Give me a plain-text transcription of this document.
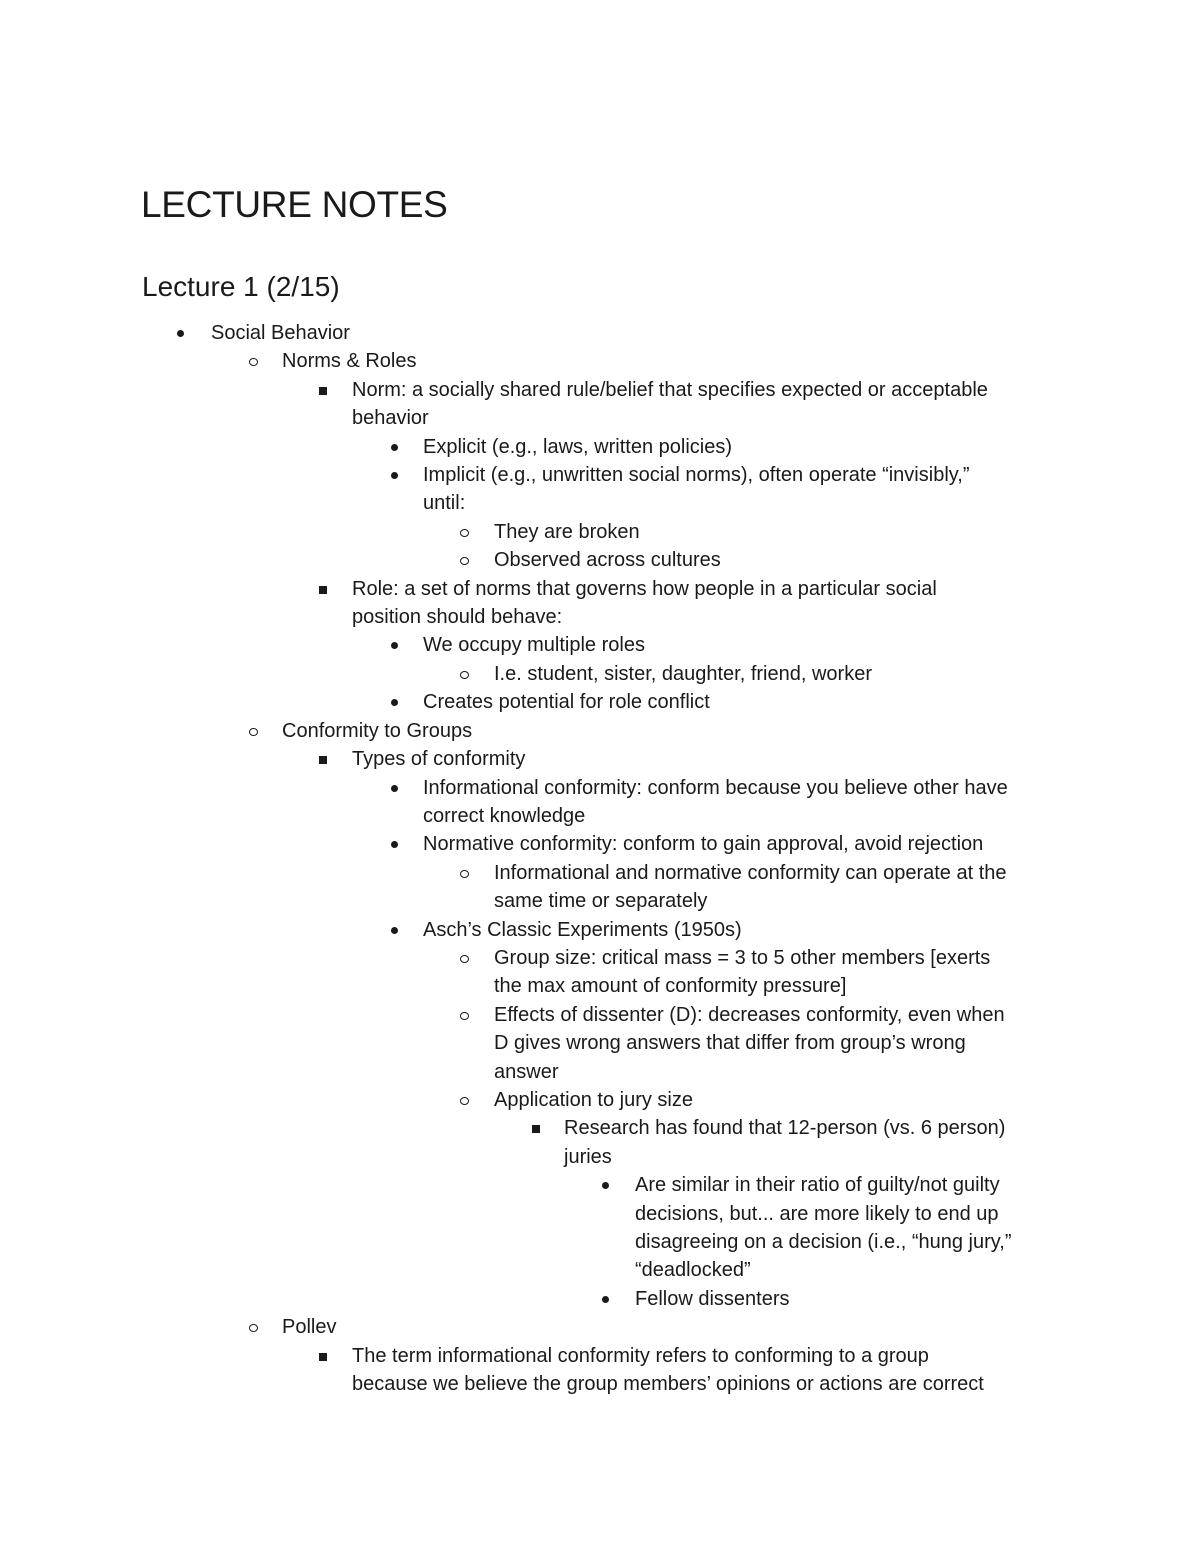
LECTURE NOTES
Lecture 1 (2/15)
Social Behavior
Norms & Roles
Norm: a socially shared rule/belief that specifies expected or acceptable
behavior
Explicit (e.g., laws, written policies)
Implicit (e.g., unwritten social norms), often operate “invisibly,”
until:
They are broken
Observed across cultures
Role: a set of norms that governs how people in a particular social
position should behave:
We occupy multiple roles
I.e. student, sister, daughter, friend, worker
Creates potential for role conflict
Conformity to Groups
Types of conformity
Informational conformity: conform because you believe other have
correct knowledge
Normative conformity: conform to gain approval, avoid rejection
Informational and normative conformity can operate at the
same time or separately
Asch’s Classic Experiments (1950s)
Group size: critical mass = 3 to 5 other members [exerts
the max amount of conformity pressure]
Effects of dissenter (D): decreases conformity, even when
D gives wrong answers that differ from group’s wrong
answer
Application to jury size
Research has found that 12-person (vs. 6 person)
juries
Are similar in their ratio of guilty/not guilty
decisions, but... are more likely to end up
disagreeing on a decision (i.e., “hung jury,”
“deadlocked”
Fellow dissenters
Pollev
The term informational conformity refers to conforming to a group
because we believe the group members’ opinions or actions are correct
